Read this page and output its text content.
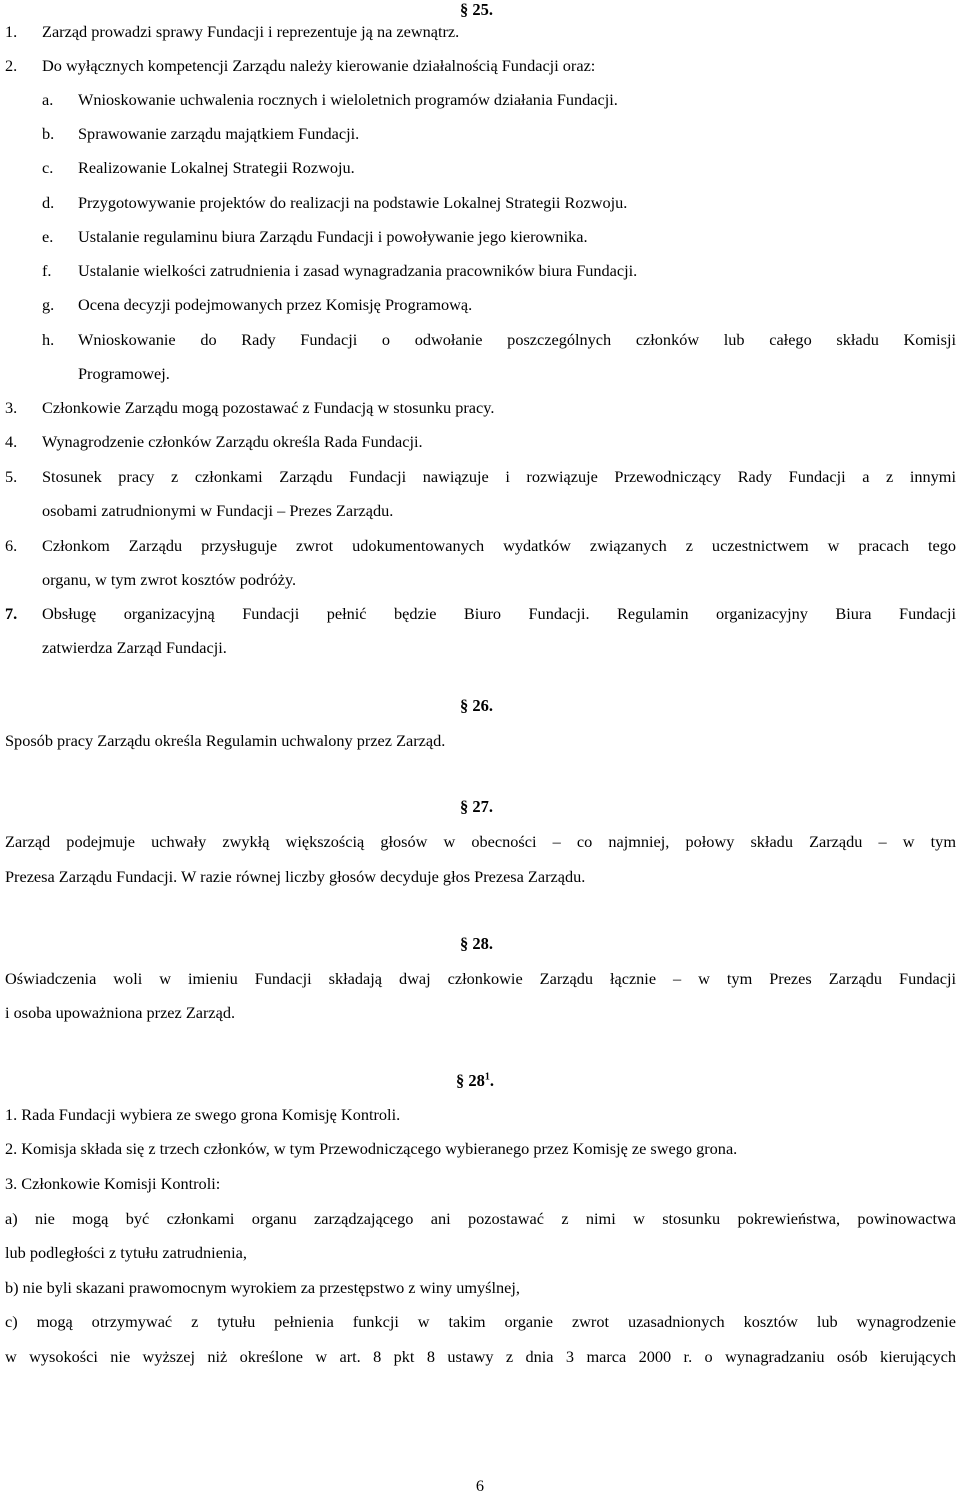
§ 25.
1. Zarząd prowadzi sprawy Fundacji i reprezentuje ją na zewnątrz.
2. Do wyłącznych kompetencji Zarządu należy kierowanie działalnością Fundacji oraz:
a. Wnioskowanie uchwalenia rocznych i wieloletnich programów działania Fundacji.
b. Sprawowanie zarządu majątkiem Fundacji.
c. Realizowanie Lokalnej Strategii Rozwoju.
d. Przygotowywanie projektów do realizacji na podstawie Lokalnej Strategii Rozwoju.
e. Ustalanie regulaminu biura Zarządu Fundacji i powoływanie jego kierownika.
f. Ustalanie wielkości zatrudnienia i zasad wynagradzania pracowników biura Fundacji.
g. Ocena decyzji podejmowanych przez Komisję Programową.
h. Wnioskowanie do Rady Fundacji o odwołanie poszczególnych członków lub całego składu Komisji
Programowej.
3. Członkowie Zarządu mogą pozostawać z Fundacją w stosunku pracy.
4. Wynagrodzenie członków Zarządu określa Rada Fundacji.
5. Stosunek pracy z członkami Zarządu Fundacji nawiązuje i rozwiązuje Przewodniczący Rady Fundacji a z innymi
osobami zatrudnionymi w Fundacji – Prezes Zarządu.
6. Członkom Zarządu przysługuje zwrot udokumentowanych wydatków związanych z uczestnictwem w pracach tego
organu, w tym zwrot kosztów podróży.
7. Obsługę organizacyjną Fundacji pełnić będzie Biuro Fundacji. Regulamin organizacyjny Biura Fundacji
zatwierdza Zarząd Fundacji.
§ 26.
Sposób pracy Zarządu określa Regulamin uchwalony przez Zarząd.
§ 27.
Zarząd podejmuje uchwały zwykłą większością głosów w obecności – co najmniej, połowy składu Zarządu – w tym
Prezesa Zarządu Fundacji. W razie równej liczby głosów decyduje głos Prezesa Zarządu.
§ 28.
Oświadczenia woli w imieniu Fundacji składają dwaj członkowie Zarządu łącznie – w tym Prezes Zarządu Fundacji
i osoba upoważniona przez Zarząd.
§ $28^1$.
1. Rada Fundacji wybiera ze swego grona Komisję Kontroli.
2. Komisja składa się z trzech członków, w tym Przewodniczącego wybieranego przez Komisję ze swego grona.
3. Członkowie Komisji Kontroli:
a) nie mogą być członkami organu zarządzającego ani pozostawać z nimi w stosunku pokrewieństwa, powinowactwa
lub podległości z tytułu zatrudnienia,
b) nie byli skazani prawomocnym wyrokiem za przestępstwo z winy umyślnej,
c) mogą otrzymywać z tytułu pełnienia funkcji w takim organie zwrot uzasadnionych kosztów lub wynagrodzenie
w wysokości nie wyższej niż określone w art. 8 pkt 8 ustawy z dnia 3 marca 2000 r. o wynagradzaniu osób kierujących
6
